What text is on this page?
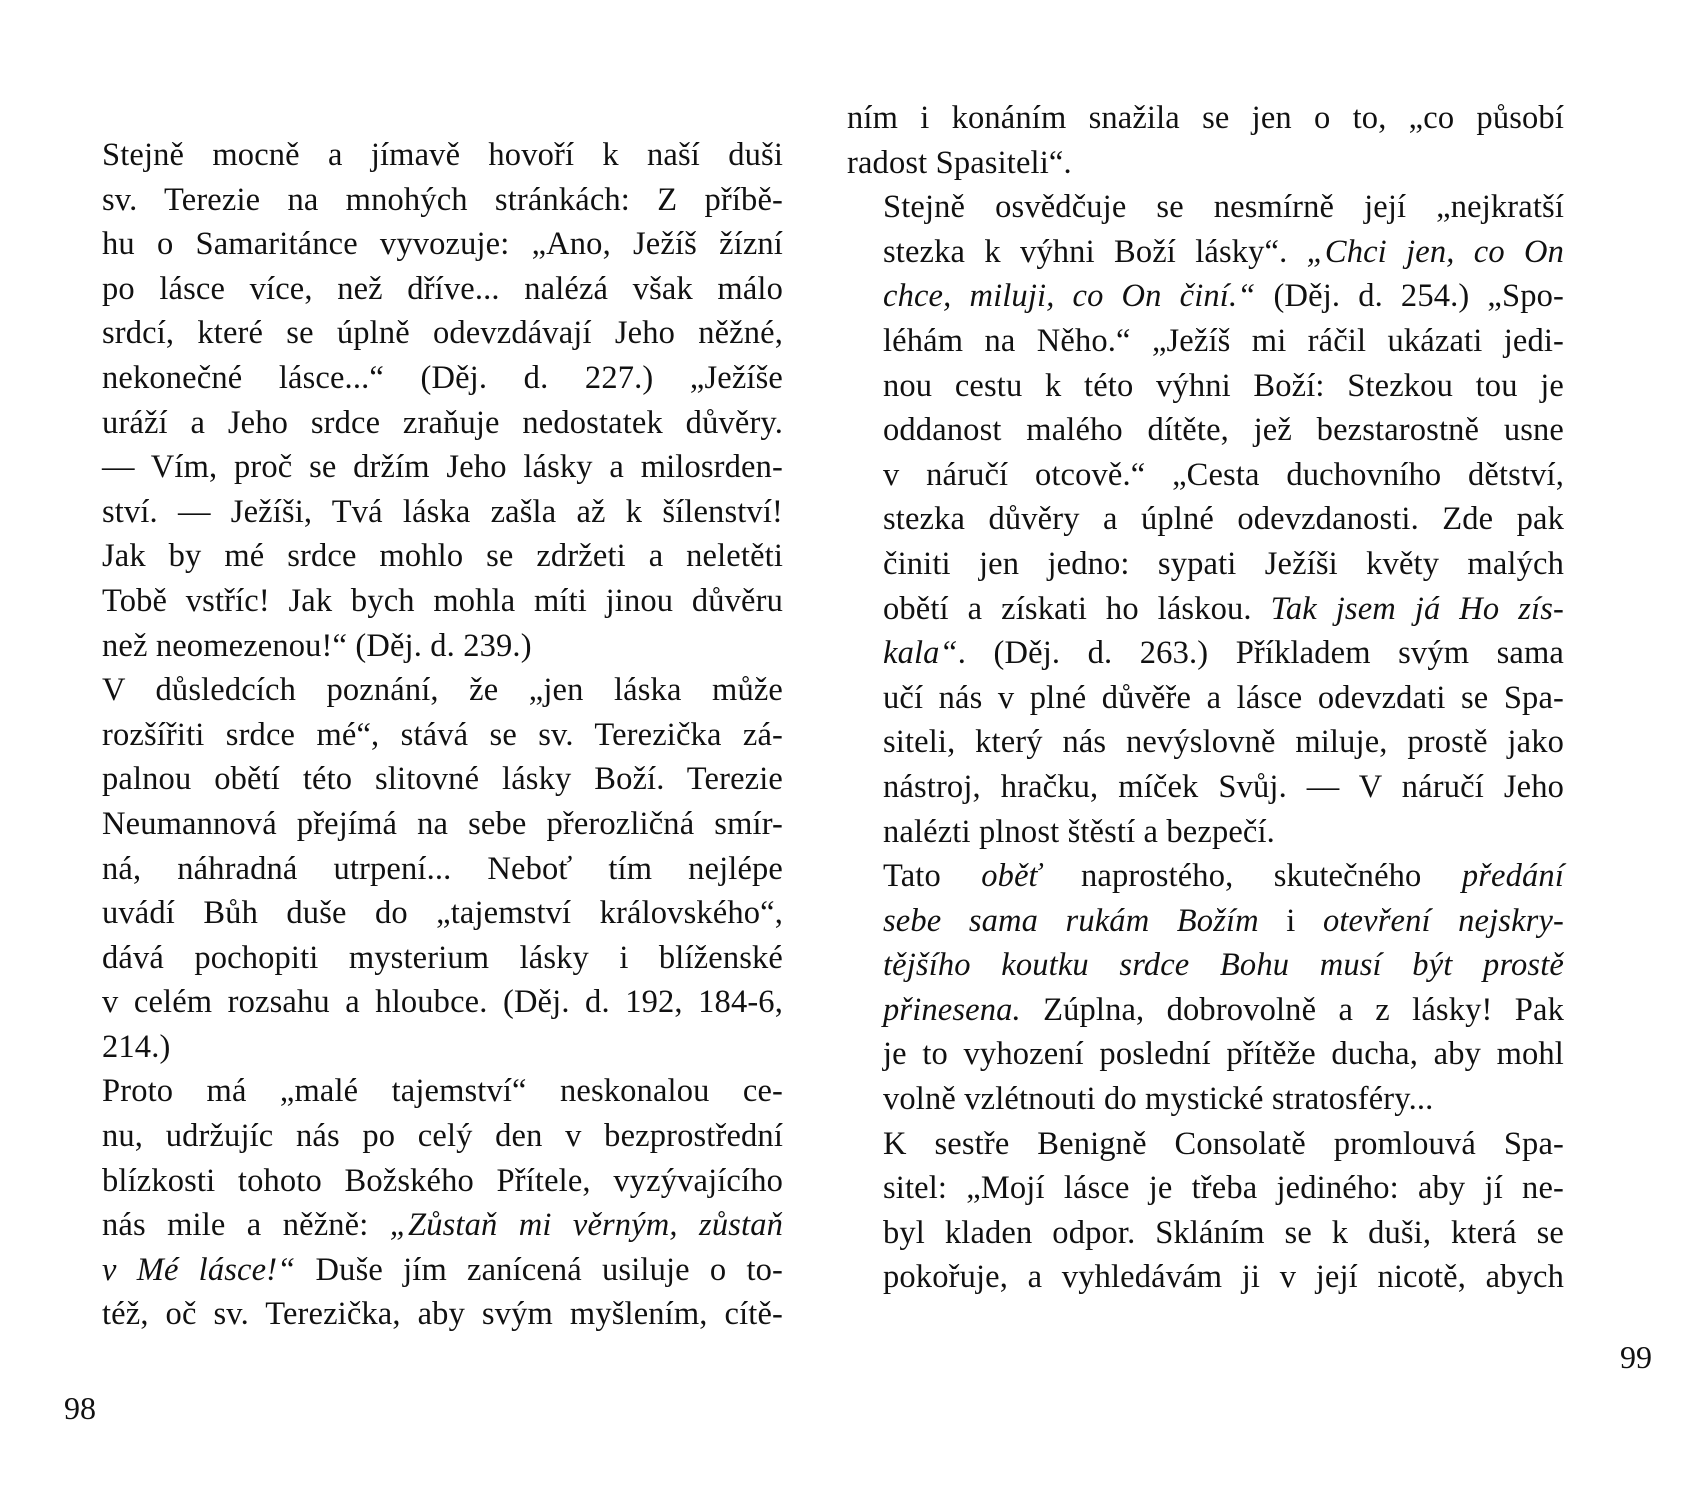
Stejně mocně a jímavě hovoří k naší duši
sv. Terezie na mnohých stránkách: Z příbě-
hu o Samaritánce vyvozuje: „Ano, Ježíš žízní
po lásce více, než dříve... nalézá však málo
srdcí, které se úplně odevzdávají Jeho něžné,
nekonečné lásce...“ (Děj. d. 227.) „Ježíše
uráží a Jeho srdce zraňuje nedostatek důvěry.
— Vím, proč se držím Jeho lásky a milosrden-
ství. — Ježíši, Tvá láska zašla až k šílenství!
Jak by mé srdce mohlo se zdržeti a neletěti
Tobě vstříc! Jak bych mohla míti jinou důvěru
než neomezenou!“ (Děj. d. 239.)

V důsledcích poznání, že „jen láska může
rozšířiti srdce mé“, stává se sv. Terezička zá-
palnou obětí této slitovné lásky Boží. Terezie
Neumannová přejímá na sebe přerozličná smír-
ná, náhradná utrpení... Neboť tím nejlépe
uvádí Bůh duše do „tajemství královského“,
dává pochopiti mysterium lásky i blíženské
v celém rozsahu a hloubce. (Děj. d. 192, 184-6,
214.)

Proto má „malé tajemství“ neskonalou ce-
nu, udržujíc nás po celý den v bezprostřední
blízkosti tohoto Božského Přítele, vyzývajícího
nás mile a něžně: „Zůstaň mi věrným, zůstaň
v Mé lásce!“ Duše jím zanícená usiluje o to-
též, oč sv. Terezička, aby svým myšlením, cítě-

98

ním i konáním snažila se jen o to, „co působí
radost Spasiteli“.

Stejně osvědčuje se nesmírně její „nejkratší
stezka k výhni Boží lásky“. „Chci jen, co On
chce, miluji, co On činí.“ (Děj. d. 254.) „Spo-
léhám na Něho.“ „Ježíš mi ráčil ukázati jedi-
nou cestu k této výhni Boží: Stezkou tou je
oddanost malého dítěte, jež bezstarostně usne
v náručí otcově.“ „Cesta duchovního dětství,
stezka důvěry a úplné odevzdanosti. Zde pak
činiti jen jedno: sypati Ježíši květy malých
obětí a získati ho láskou. Tak jsem já Ho zís-
kala“. (Děj. d. 263.) Příkladem svým sama
učí nás v plné důvěře a lásce odevzdati se Spa-
siteli, který nás nevýslovně miluje, prostě jako
nástroj, hračku, míček Svůj. — V náručí Jeho
nalézti plnost štěstí a bezpečí.

Tato oběť naprostého, skutečného předání
sebe sama rukám Božím i otevření nejskry-
tějšího koutku srdce Bohu musí být prostě
přinesena. Zúplna, dobrovolně a z lásky! Pak
je to vyhození poslední přítěže ducha, aby mohl
volně vzlétnouti do mystické stratosféry...

K sestře Benigně Consolatě promlouvá Spa-
sitel: „Mojí lásce je třeba jediného: aby jí ne-
byl kladen odpor. Skláním se k duši, která se
pokořuje, a vyhledávám ji v její nicotě, abych

99
